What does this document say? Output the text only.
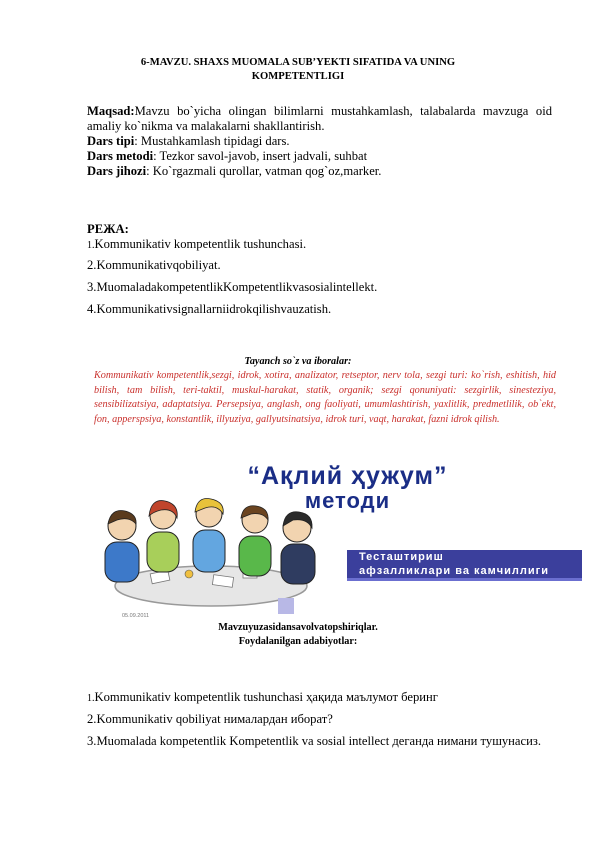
6-MAVZU. SHAXS MUOMALA SUB’YEKTI SIFATIDA VA UNING
KOMPETENTLIGI
Maqsad:Mavzu bo`yicha olingan bilimlarni mustahkamlash, talabalarda mavzuga oid amaliy ko`nikma va malakalarni shakllantirish.
Dars tipi: Mustahkamlash tipidagi dars.
Dars metodi: Tezkor savol-javob, insert jadvali, suhbat
Dars jihozi: Ko`rgazmali qurollar, vatman qog`oz,marker.
РЕЖА:
1.Kommunikativ kompetentlik tushunchasi.
2.Kommunikativqobiliyat.
3.MuomaladakompetentlikKompetentlikvasosialintellekt.
4.Kommunikativsignallarniidrokqilishvauzatish.
Tayanch so`z va iboralar:
Kommunikativ kompetentlik,sezgi, idrok, xotira, analizator, retseptor, nerv tola, sezgi turi: ko`rish, eshitish, hid bilish, tam bilish, teri-taktil, muskul-harakat, statik, organik; sezgi qonuniyati: sezgirlik, sinesteziya, sensibilizatsiya, adaptatsiya. Persepsiya, anglash, ong faoliyati, umumlashtirish, yaxlitlik, predmetlilik, ob`ekt, fon, apperspsiya, konstantlik, illyuziya, gallyutsinatsiya, idrok turi, vaqt, harakat, fazni idrok qilish.
“Ақлий ҳужум”
методи
Тесташтириш
афзалликлари ва камчиллиги
05.09.2011
Mavzuyuzasidansavolvatopshiriqlar.
Foydalanilgan adabiyotlar:
1.Kommunikativ kompetentlik tushunchasi ҳақида маълумот беринг
2.Kommunikativ qobiliyat нималардан иборат?
3.Muomalada kompetentlik Kompetentlik va sosial intellect деганда нимани тушунасиз.
